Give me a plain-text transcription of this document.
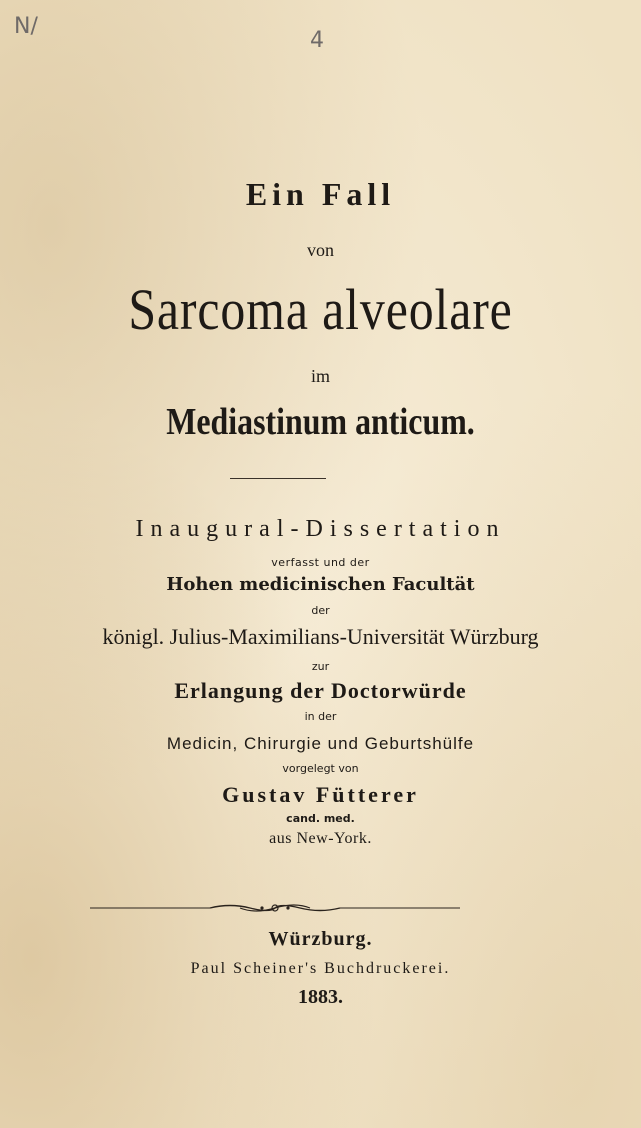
N/
4
Ein Fall
von
Sarcoma alveolare
im
Mediastinum anticum.
Inaugural-Dissertation
verfasst und der
Hohen medicinischen Facultät
der
königl. Julius-Maximilians-Universität Würzburg
zur
Erlangung der Doctorwürde
in der
Medicin, Chirurgie und Geburtshülfe
vorgelegt von
Gustav Fütterer
cand. med.
aus New-York.
Würzburg.
Paul Scheiner's Buchdruckerei.
1883.
